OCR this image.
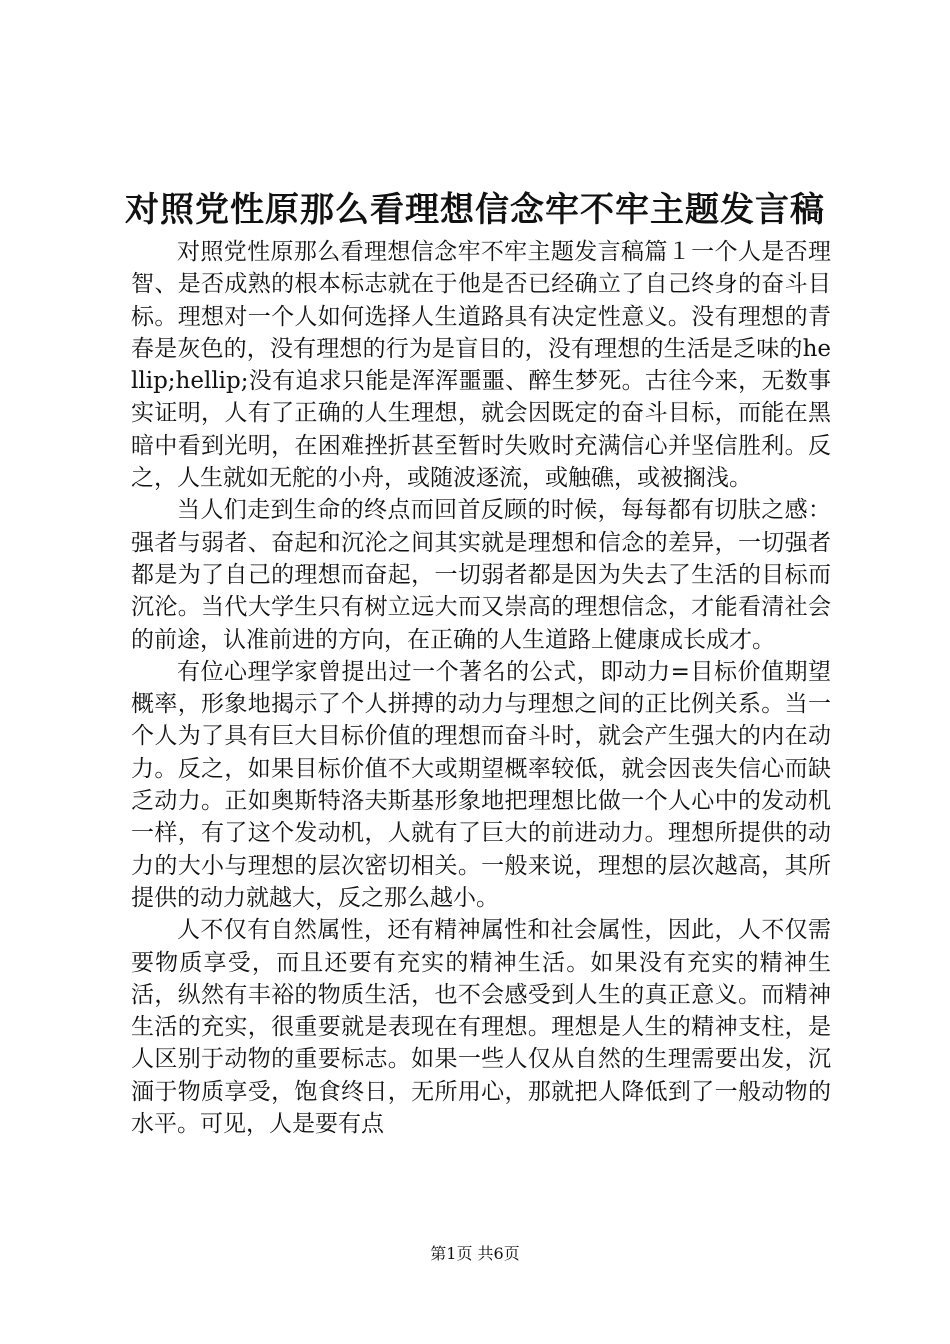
对照党性原那么看理想信念牢不牢主题发言稿

对照党性原那么看理想信念牢不牢主题发言稿篇１一个人是否理智、是否成熟的根本标志就在于他是否已经确立了自己终身的奋斗目标。理想对一个人如何选择人生道路具有决定性意义。没有理想的青春是灰色的，没有理想的行为是盲目的，没有理想的生活是乏味的hellip;hellip;没有追求只能是浑浑噩噩、醉生梦死。古往今来，无数事实证明，人有了正确的人生理想，就会因既定的奋斗目标，而能在黑暗中看到光明，在困难挫折甚至暂时失败时充满信心并坚信胜利。反之，人生就如无舵的小舟，或随波逐流，或触礁，或被搁浅。

当人们走到生命的终点而回首反顾的时候，每每都有切肤之感：强者与弱者、奋起和沉沦之间其实就是理想和信念的差异，一切强者都是为了自己的理想而奋起，一切弱者都是因为失去了生活的目标而沉沦。当代大学生只有树立远大而又崇高的理想信念，才能看清社会的前途，认准前进的方向，在正确的人生道路上健康成长成才。

有位心理学家曾提出过一个著名的公式，即动力=目标价值期望概率，形象地揭示了个人拼搏的动力与理想之间的正比例关系。当一个人为了具有巨大目标价值的理想而奋斗时，就会产生强大的内在动力。反之，如果目标价值不大或期望概率较低，就会因丧失信心而缺乏动力。正如奥斯特洛夫斯基形象地把理想比做一个人心中的发动机一样，有了这个发动机，人就有了巨大的前进动力。理想所提供的动力的大小与理想的层次密切相关。一般来说，理想的层次越高，其所提供的动力就越大，反之那么越小。

人不仅有自然属性，还有精神属性和社会属性，因此，人不仅需要物质享受，而且还要有充实的精神生活。如果没有充实的精神生活，纵然有丰裕的物质生活，也不会感受到人生的真正意义。而精神生活的充实，很重要就是表现在有理想。理想是人生的精神支柱，是人区别于动物的重要标志。如果一些人仅从自然的生理需要出发，沉湎于物质享受，饱食终日，无所用心，那就把人降低到了一般动物的水平。可见，人是要有点

第1页 共6页
